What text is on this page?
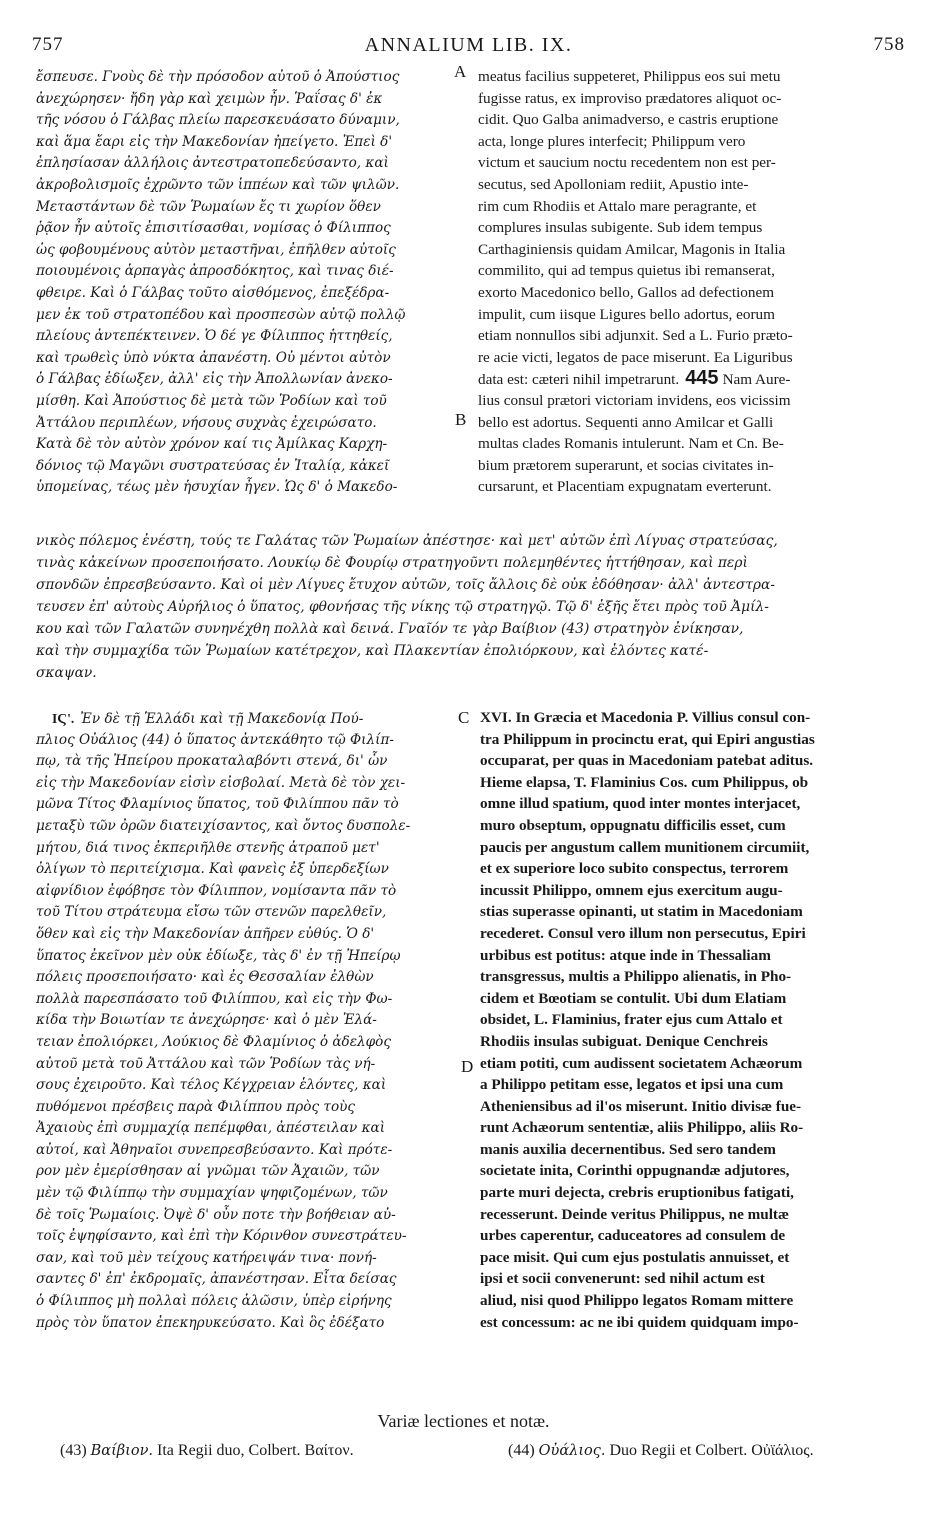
757	ANNALIUM LIB. IX.	758
ἔσπευσε. Γνοὺς δὲ τὴν πρόσοδον αὐτοῦ ὁ Ἀπούστιος
ἀνεχώρησεν· ἤδη γὰρ καὶ χειμὼν ἦν. Ῥαΐσας δ' ἐκ
τῆς νόσου ὁ Γάλβας πλείω παρεσκευάσατο δύναμιν,
καὶ ἅμα ἔαρι εἰς τὴν Μακεδονίαν ἠπείγετο. Ἐπεὶ δ'
ἐπλησίασαν ἀλλήλοις ἀντεστρατοπεδεύσαντο, καὶ
ἀκροβολισμοῖς ἐχρῶντο τῶν ἱππέων καὶ τῶν ψιλῶν.
Μεταστάντων δὲ τῶν Ῥωμαίων ἔς τι χωρίον ὅθεν
ῥᾷον ἦν αὐτοῖς ἐπισιτίσασθαι, νομίσας ὁ Φίλιππος
ὡς φοβουμένους αὐτὸν μεταστῆναι, ἐπῆλθεν αὐτοῖς
ποιουμένοις ἁρπαγὰς ἀπροσδόκητος, καὶ τινας διέ-
φθειρε. Καὶ ὁ Γάλβας τοῦτο αἰσθόμενος, ἐπεξέδρα-
μεν ἐκ τοῦ στρατοπέδου καὶ προσπεσὼν αὐτῷ πολλῷ
πλείους ἀντεπέκτεινεν. Ὁ δέ γε Φίλιππος ἡττηθείς,
καὶ τρωθεὶς ὑπὸ νύκτα ἀπανέστη. Οὐ μέντοι αὐτὸν
ὁ Γάλβας ἐδίωξεν, ἀλλ' εἰς τὴν Ἀπολλωνίαν ἀνεκο-
μίσθη. Καὶ Ἀπούστιος δὲ μετὰ τῶν Ῥοδίων καὶ τοῦ
Ἀττάλου περιπλέων, νήσους συχνὰς ἐχειρώσατο.
Κατὰ δὲ τὸν αὐτὸν χρόνον καί τις Ἀμίλκας Καρχη-
δόνιος τῷ Μαγῶνι συστρατεύσας ἐν Ἰταλίᾳ, κἀκεῖ
ὑπομείνας, τέως μὲν ἡσυχίαν ἦγεν. Ὡς δ' ὁ Μακεδο-
meatus facilius suppeteret, Philippus eos sui metu
fugisse ratus, ex improviso prædatores aliquot oc-
cidit. Quo Galba animadverso, e castris eruptione
acta, longe plures interfecit; Philippum vero
victum et saucium noctu recedentem non est per-
secutus, sed Apolloniam rediit, Apustio inte-
rim cum Rhodiis et Attalo mare peragrante, et
complures insulas subigente. Sub idem tempus
Carthaginiensis quidam Amilcar, Magonis in Italia
commilito, qui ad tempus quietus ibi remanserat,
exorto Macedonico bello, Gallos ad defectionem
impulit, cum iisque Ligures bello adortus, eorum
etiam nonnullos sibi adjunxit. Sed a L. Furio prætο-
re acie victi, legatos de pace miserunt. Ea Liguribus
data est: cæteri nihil impetrarunt. 445 Nam Aure-
lius consul prætori victoriam invidens, eos vicissim
bello est adortus. Sequenti anno Amilcar et Galli
multas clades Romanis intulerunt. Nam et Cn. Be-
bium prætorem superarunt, et socias civitates in-
cursarunt, et Placentiam expugnatam everterunt.
A
B
C
D
νικὸς πόλεμος ἐνέστη, τούς τε Γαλάτας τῶν Ῥωμαίων ἀπέστησε· καὶ μετ' αὐτῶν ἐπὶ Λίγυας στρατεύσας,
τινὰς κἀκείνων προσεποιήσατο. Λουκίῳ δὲ Φουρίῳ στρατηγοῦντι πολεμηθέντες ἡττήθησαν, καὶ περὶ
σπονδῶν ἐπρεσβεύσαντο. Καὶ οἱ μὲν Λίγυες ἔτυχον αὐτῶν, τοῖς ἄλλοις δὲ οὐκ ἐδόθησαν· ἀλλ' ἀντεστρα-
τευσεν ἐπ' αὐτοὺς Αὐρήλιος ὁ ὕπατος, φθονήσας τῆς νίκης τῷ στρατηγῷ. Τῷ δ' ἑξῆς ἔτει πρὸς τοῦ Ἀμίλ-
κου καὶ τῶν Γαλατῶν συνηνέχθη πολλὰ καὶ δεινά. Γναῖόν τε γὰρ Βαίβιον (43) στρατηγὸν ἐνίκησαν,
καὶ τὴν συμμαχίδα τῶν Ῥωμαίων κατέτρεχον, καὶ Πλακεντίαν ἐπολιόρκουν, καὶ ἑλόντες κατέ-
σκαψαν.
ΙϚ'. Ἐν δὲ τῇ Ἑλλάδι καὶ τῇ Μακεδονίᾳ Πού-
πλιος Οὐάλιος (44) ὁ ὕπατος ἀντεκάθητο τῷ Φιλίπ-
πῳ, τὰ τῆς Ἠπείρου προκαταλαβόντι στενά, δι' ὧν
εἰς τὴν Μακεδονίαν εἰσὶν εἰσβολαί. Μετὰ δὲ τὸν χει-
μῶνα Τίτος Φλαμίνιος ὕπατος, τοῦ Φιλίππου πᾶν τὸ
μεταξὺ τῶν ὀρῶν διατειχίσαντος, καὶ ὄντος δυσπολε-
μήτου, διά τινος ἐκπεριῆλθε στενῆς ἀτραποῦ μετ'
ὀλίγων τὸ περιτείχισμα. Καὶ φανεὶς ἐξ ὑπερδεξίων
αἰφνίδιον ἐφόβησε τὸν Φίλιππον, νομίσαντα πᾶν τὸ
τοῦ Τίτου στράτευμα εἴσω τῶν στενῶν παρελθεῖν,
ὅθεν καὶ εἰς τὴν Μακεδονίαν ἀπῆρεν εὐθύς. Ὁ δ'
ὕπατος ἐκεῖνον μὲν οὐκ ἐδίωξε, τὰς δ' ἐν τῇ Ἠπείρῳ
πόλεις προσεποιήσατο· καὶ ἐς Θεσσαλίαν ἐλθὼν
πολλὰ παρεσπάσατο τοῦ Φιλίππου, καὶ εἰς τὴν Φω-
κίδα τὴν Βοιωτίαν τε ἀνεχώρησε· καὶ ὁ μὲν Ἐλά-
τειαν ἐπολιόρκει, Λούκιος δὲ Φλαμίνιος ὁ ἀδελφὸς
αὐτοῦ μετὰ τοῦ Ἀττάλου καὶ τῶν Ῥοδίων τὰς νή-
σους ἐχειροῦτο. Καὶ τέλος Κέγχρειαν ἑλόντες, καὶ
πυθόμενοι πρέσβεις παρὰ Φιλίππου πρὸς τοὺς
Ἀχαιοὺς ἐπὶ συμμαχίᾳ πεπέμφθαι, ἀπέστειλαν καὶ
αὐτοί, καὶ Ἀθηναῖοι συνεπρεσβεύσαντο. Καὶ πρότε-
ρον μὲν ἐμερίσθησαν αἱ γνῶμαι τῶν Ἀχαιῶν, τῶν
μὲν τῷ Φιλίππῳ τὴν συμμαχίαν ψηφιζομένων, τῶν
δὲ τοῖς Ῥωμαίοις. Ὀψὲ δ' οὖν ποτε τὴν βοήθειαν αὐ-
τοῖς ἐψηφίσαντο, καὶ ἐπὶ τὴν Κόρινθον συνεστράτευ-
σαν, καὶ τοῦ μὲν τείχους κατήρειψάν τινα· πονή-
σαντες δ' ἐπ' ἐκδρομαῖς, ἀπανέστησαν. Εἶτα δείσας
ὁ Φίλιππος μὴ πολλαὶ πόλεις ἁλῶσιν, ὑπὲρ εἰρήνης
πρὸς τὸν ὕπατον ἐπεκηρυκεύσατο. Καὶ ὃς ἐδέξατο
XVI. In Græcia et Macedonia P. Villius consul con-
tra Philippum in procinctu erat, qui Epiri angustias
occuparat, per quas in Macedoniam patebat aditus.
Hieme elapsa, T. Flaminius Cos. cum Philippus, ob
omne illud spatium, quod inter montes interjacet,
muro obseptum, oppugnatu difficilis esset, cum
paucis per angustum callem munitionem circumiit,
et ex superiore loco subito conspectus, terrorem
incussit Philippo, omnem ejus exercitum augu-
stias superasse opinanti, ut statim in Macedoniam
recederet. Consul vero illum non persecutus, Epiri
urbibus est potitus: atque inde in Thessaliam
transgressus, multis a Philippo alienatis, in Pho-
cidem et Bœotiam se contulit. Ubi dum Elatiam
obsidet, L. Flaminius, frater ejus cum Attalo et
Rhodiis insulas subiguat. Denique Cenchreis
etiam potiti, cum audissent societatem Achæorum
a Philippo petitam esse, legatos et ipsi una cum
Atheniensibus ad il'os miserunt. Initio divisæ fue-
runt Achæorum sententiæ, aliis Philippo, aliis Ro-
manis auxilia decernentibus. Sed sero tandem
societate inita, Corinthi oppugnandæ adjutores,
parte muri dejecta, crebris eruptionibus fatigati,
recesserunt. Deinde veritus Philippus, ne multæ
urbes caperentur, caduceatores ad consulem de
pace misit. Qui cum ejus postulatis annuisset, et
ipsi et socii convenerunt: sed nihil actum est
aliud, nisi quod Philippo legatos Romam mittere
est concessum: ac ne ibi quidem quidquam impo-
Variæ lectiones et notæ.
(43) Βαίβιον. Ita Regii duo, Colbert. Βαίτον.	(44) Οὐάλιος. Duo Regii et Colbert. Οὐϊάλιος.
